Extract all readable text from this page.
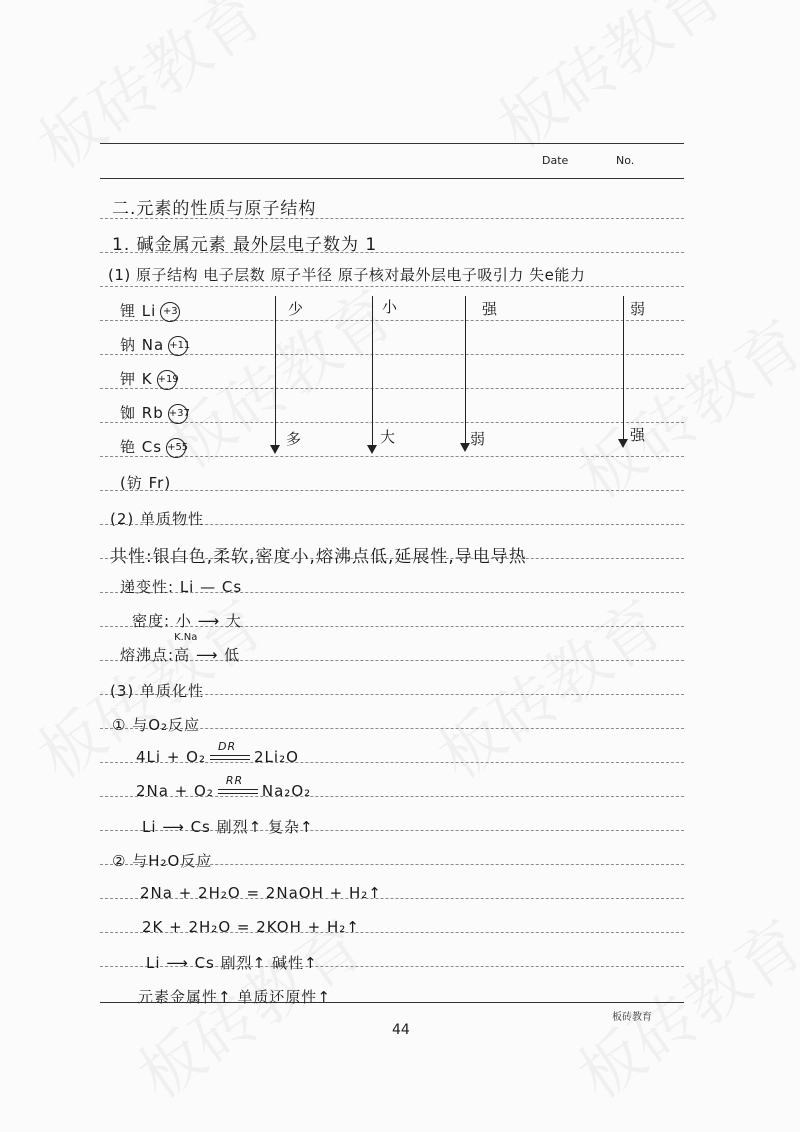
Date	No.
二.元素的性质与原子结构
1. 碱金属元素 最外层电子数为 1
(1) 原子结构 电子层数 原子半径 原子核对最外层电子吸引力 失e能力
锂 Li +3
钠 Na +11
钾 K +19
铷 Rb +37
铯 Cs +55
少
多
小
大
强
弱
弱
强
(钫 Fr)
(2) 单质物性
共性:银白色,柔软,密度小,熔沸点低,延展性,导电导热
递变性: Li — Cs
密度: 小 ⟶ 大
熔沸点:
K.Na
高 ⟶ 低
(3) 单质化性
① 与O₂反应
4Li + O₂
DR
2Li₂O
2Na + O₂
RR
Na₂O₂
Li ⟶ Cs 剧烈↑ 复杂↑
② 与H₂O反应
2Na + 2H₂O = 2NaOH + H₂↑
2K + 2H₂O = 2KOH + H₂↑
Li ⟶ Cs 剧烈↑ 碱性↑
元素金属性↑ 单质还原性↑
板砖教育
44
